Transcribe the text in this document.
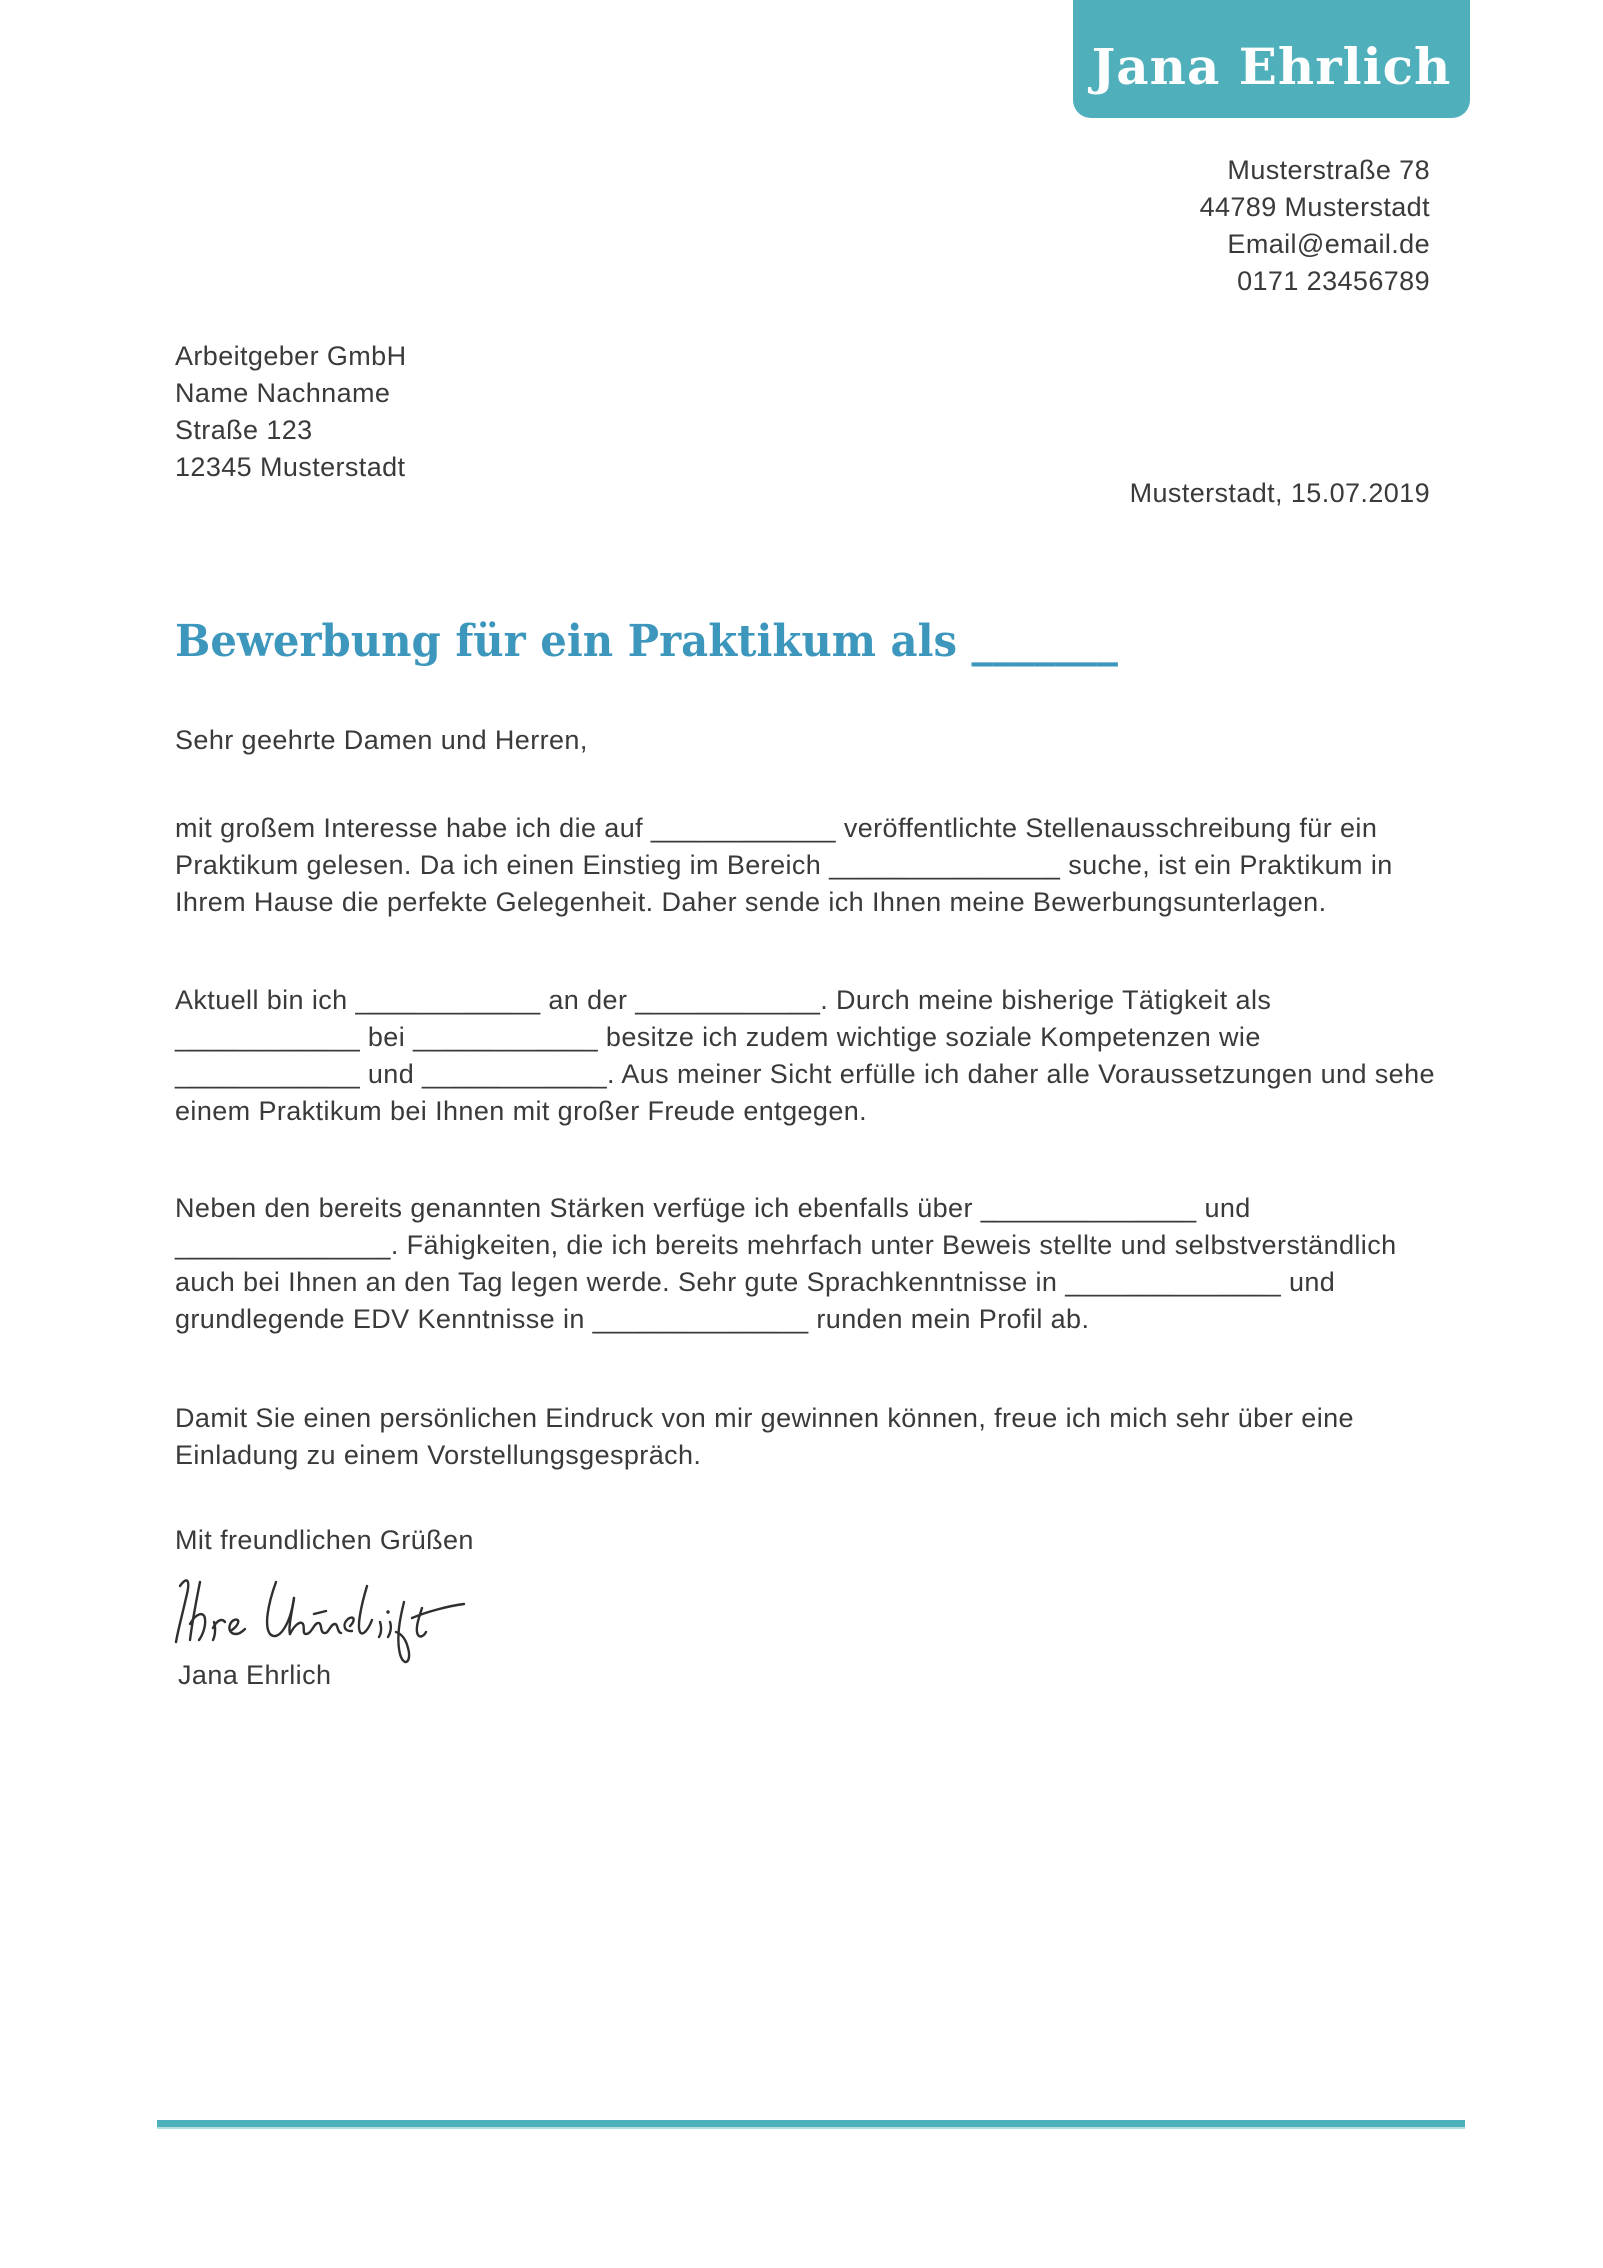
Jana Ehrlich
Musterstraße 78
44789 Musterstadt
Email@email.de
0171 23456789
Arbeitgeber GmbH
Name Nachname
Straße 123
12345 Musterstadt
Musterstadt, 15.07.2019
Bewerbung für ein Praktikum als _______

Sehr geehrte Damen und Herren,

mit großem Interesse habe ich die auf ____________ veröffentlichte Stellenausschreibung für ein Praktikum gelesen. Da ich einen Einstieg im Bereich _______________ suche, ist ein Praktikum in Ihrem Hause die perfekte Gelegenheit. Daher sende ich Ihnen meine Bewerbungsunterlagen.

Aktuell bin ich ____________ an der ____________. Durch meine bisherige Tätigkeit als ____________ bei ____________ besitze ich zudem wichtige soziale Kompetenzen wie ____________ und ____________. Aus meiner Sicht erfülle ich daher alle Voraussetzungen und sehe einem Praktikum bei Ihnen mit großer Freude entgegen.

Neben den bereits genannten Stärken verfüge ich ebenfalls über ______________ und ______________. Fähigkeiten, die ich bereits mehrfach unter Beweis stellte und selbstverständlich auch bei Ihnen an den Tag legen werde. Sehr gute Sprachkenntnisse in ______________ und grundlegende EDV Kenntnisse in ______________ runden mein Profil ab.

Damit Sie einen persönlichen Eindruck von mir gewinnen können, freue ich mich sehr über eine Einladung zu einem Vorstellungsgespräch.

Mit freundlichen Grüßen

Jana Ehrlich
